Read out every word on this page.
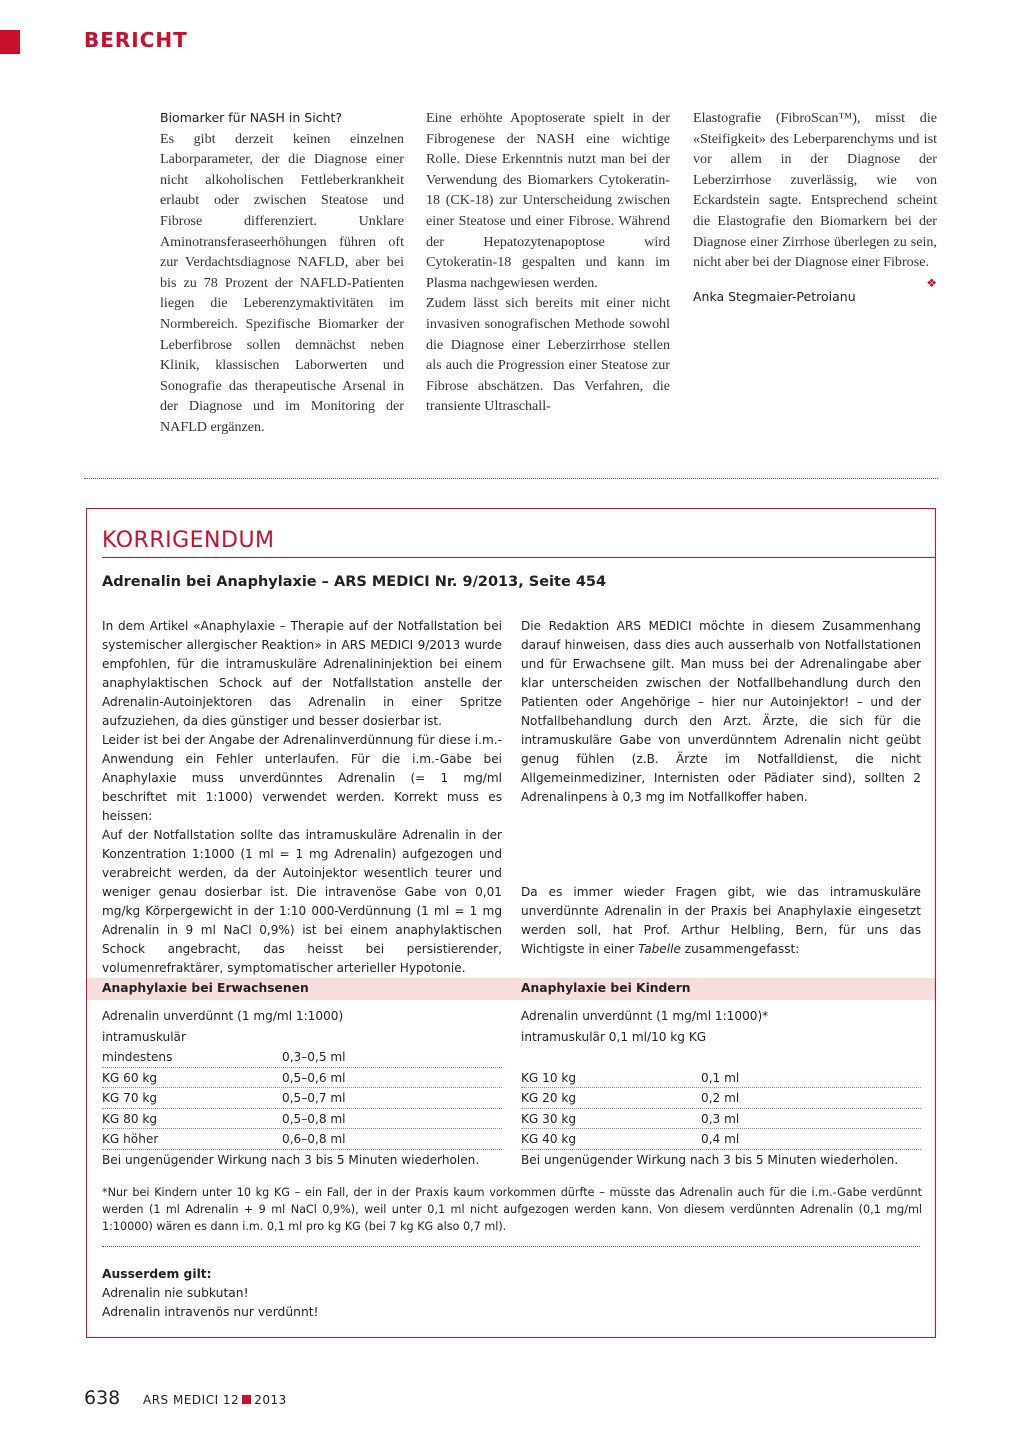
BERICHT

Biomarker für NASH in Sicht?

Es gibt derzeit keinen einzelnen Laborparameter, der die Diagnose einer nicht alkoholischen Fettleberkrankheit erlaubt oder zwischen Steatose und Fibrose differenziert. Unklare Aminotransferaseerhöhungen führen oft zur Verdachtsdiagnose NAFLD, aber bei bis zu 78 Prozent der NAFLD-Patienten liegen die Leberenzymaktivitäten im Normbereich. Spezifische Biomarker der Leberfibrose sollen demnächst neben Klinik, klassischen Laborwerten und Sonografie das therapeutische Arsenal in der Diagnose und im Monitoring der NAFLD ergänzen.

Eine erhöhte Apoptoserate spielt in der Fibrogenese der NASH eine wichtige Rolle. Diese Erkenntnis nutzt man bei der Verwendung des Biomarkers Cytokeratin-18 (CK-18) zur Unterscheidung zwischen einer Steatose und einer Fibrose. Während der Hepatozytenapoptose wird Cytokeratin-18 gespalten und kann im Plasma nachgewiesen werden.

Zudem lässt sich bereits mit einer nicht invasiven sonografischen Methode sowohl die Diagnose einer Leberzirrhose stellen als auch die Progression einer Steatose zur Fibrose abschätzen. Das Verfahren, die transiente Ultraschall-

Elastografie (FibroScan™), misst die «Steifigkeit» des Leberparenchyms und ist vor allem in der Diagnose der Leberzirrhose zuverlässig, wie von Eckardstein sagte. Entsprechend scheint die Elastografie den Biomarkern bei der Diagnose einer Zirrhose überlegen zu sein, nicht aber bei der Diagnose einer Fibrose.
❖

Anka Stegmaier-Petroianu

KORRIGENDUM
Adrenalin bei Anaphylaxie – ARS MEDICI Nr. 9/2013, Seite 454

In dem Artikel «Anaphylaxie – Therapie auf der Notfallstation bei systemischer allergischer Reaktion» in ARS MEDICI 9/2013 wurde empfohlen, für die intramuskuläre Adrenalininjektion bei einem anaphylaktischen Schock auf der Notfallstation anstelle der Adrenalin-Autoinjektoren das Adrenalin in einer Spritze aufzuziehen, da dies günstiger und besser dosierbar ist.

Leider ist bei der Angabe der Adrenalinverdünnung für diese i.m.-Anwendung ein Fehler unterlaufen. Für die i.m.-Gabe bei Anaphylaxie muss unverdünntes Adrenalin (= 1 mg/ml beschriftet mit 1:1000) verwendet werden. Korrekt muss es heissen:

Auf der Notfallstation sollte das intramuskuläre Adrenalin in der Konzentration 1:1000 (1 ml = 1 mg Adrenalin) aufgezogen und verabreicht werden, da der Autoinjektor wesentlich teurer und weniger genau dosierbar ist. Die intravenöse Gabe von 0,01 mg/kg Körpergewicht in der 1:10 000-Verdünnung (1 ml = 1 mg Adrenalin in 9 ml NaCl 0,9%) ist bei einem anaphylaktischen Schock angebracht, das heisst bei persistierender, volumenrefraktärer, symptomatischer arterieller Hypotonie.

Die Redaktion ARS MEDICI möchte in diesem Zusammenhang darauf hinweisen, dass dies auch ausserhalb von Notfallstationen und für Erwachsene gilt. Man muss bei der Adrenalingabe aber klar unterscheiden zwischen der Notfallbehandlung durch den Patienten oder Angehörige – hier nur Autoinjektor! – und der Notfallbehandlung durch den Arzt. Ärzte, die sich für die intramuskuläre Gabe von unverdünntem Adrenalin nicht geübt genug fühlen (z.B. Ärzte im Notfalldienst, die nicht Allgemeinmediziner, Internisten oder Pädiater sind), sollten 2 Adrenalinpens à 0,3 mg im Notfallkoffer haben.

Da es immer wieder Fragen gibt, wie das intramuskuläre unverdünnte Adrenalin in der Praxis bei Anaphylaxie eingesetzt werden soll, hat Prof. Arthur Helbling, Bern, für uns das Wichtigste in einer Tabelle zusammengefasst:

Anaphylaxie bei Erwachsenen	Anaphylaxie bei Kindern
Adrenalin unverdünnt (1 mg/ml 1:1000)
intramuskulär
mindestens	0,3–0,5 ml
KG 60 kg	0,5–0,6 ml
KG 70 kg	0,5–0,7 ml
KG 80 kg	0,5–0,8 ml
KG höher	0,6–0,8 ml
Bei ungenügender Wirkung nach 3 bis 5 Minuten wiederholen.
Adrenalin unverdünnt (1 mg/ml 1:1000)*
intramuskulär 0,1 ml/10 kg KG
KG 10 kg	0,1 ml
KG 20 kg	0,2 ml
KG 30 kg	0,3 ml
KG 40 kg	0,4 ml
Bei ungenügender Wirkung nach 3 bis 5 Minuten wiederholen.
*Nur bei Kindern unter 10 kg KG – ein Fall, der in der Praxis kaum vorkommen dürfte – müsste das Adrenalin auch für die i.m.-Gabe verdünnt werden (1 ml Adrenalin + 9 ml NaCl 0,9%), weil unter 0,1 ml nicht aufgezogen werden kann. Von diesem verdünnten Adrenalin (0,1 mg/ml 1:10000) wären es dann i.m. 0,1 ml pro kg KG (bei 7 kg KG also 0,7 ml).
Ausserdem gilt:
Adrenalin nie subkutan!
Adrenalin intravenös nur verdünnt!
638 ARS MEDICI 12 2013
